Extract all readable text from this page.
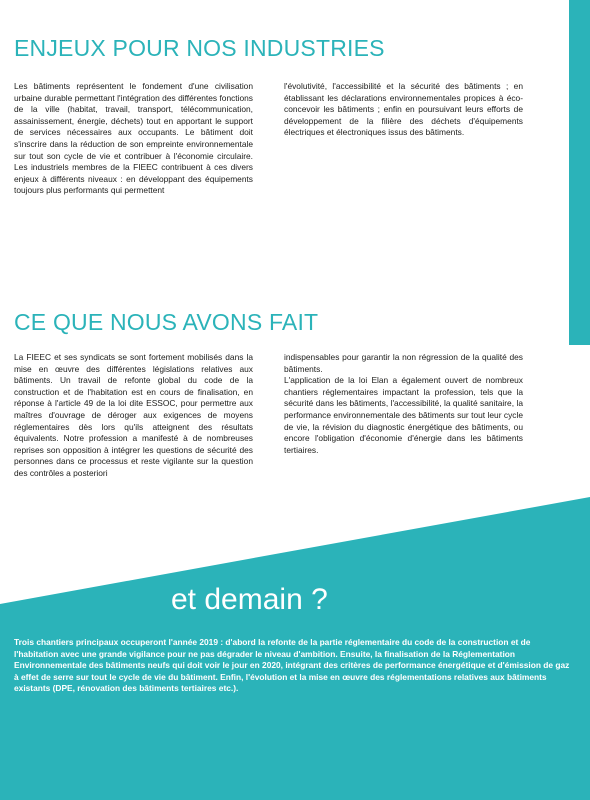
ENJEUX POUR NOS INDUSTRIES

Les bâtiments représentent le fondement d'une civilisation urbaine durable permettant l'intégration des différentes fonctions de la ville (habitat, travail, transport, télécommunication, assainissement, énergie, déchets) tout en apportant le support de services nécessaires aux occupants. Le bâtiment doit s'inscrire dans la réduction de son empreinte environnementale sur tout son cycle de vie et contribuer à l'économie circulaire. Les industriels membres de la FIEEC contribuent à ces divers enjeux à différents niveaux : en développant des équipements toujours plus performants qui permettent

l'évolutivité, l'accessibilité et la sécurité des bâtiments ; en établissant les déclarations environnementales propices à éco-concevoir les bâtiments ; enfin en poursuivant leurs efforts de développement de la filière des déchets d'équipements électriques et électroniques issus des bâtiments.

CE QUE NOUS AVONS FAIT

La FIEEC et ses syndicats se sont fortement mobilisés dans la mise en œuvre des différentes législations relatives aux bâtiments. Un travail de refonte global du code de la construction et de l'habitation est en cours de finalisation, en réponse à l'article 49 de la loi dite ESSOC, pour permettre aux maîtres d'ouvrage de déroger aux exigences de moyens réglementaires dès lors qu'ils atteignent des résultats équivalents. Notre profession a manifesté à de nombreuses reprises son opposition à intégrer les questions de sécurité des personnes dans ce processus et reste vigilante sur la question des contrôles a posteriori

indispensables pour garantir la non régression de la qualité des bâtiments.

L'application de la loi Elan a également ouvert de nombreux chantiers réglementaires impactant la profession, tels que la sécurité dans les bâtiments, l'accessibilité, la qualité sanitaire, la performance environnementale des bâtiments sur tout leur cycle de vie, la révision du diagnostic énergétique des bâtiments, ou encore l'obligation d'économie d'énergie dans les bâtiments tertiaires.

et demain ?

Trois chantiers principaux occuperont l'année 2019 : d'abord la refonte de la partie réglementaire du code de la construction et de l'habitation avec une grande vigilance pour ne pas dégrader le niveau d'ambition. Ensuite, la finalisation de la Réglementation Environnementale des bâtiments neufs qui doit voir le jour en 2020, intégrant des critères de performance énergétique et d'émission de gaz à effet de serre sur tout le cycle de vie du bâtiment. Enfin, l'évolution et la mise en œuvre des réglementations relatives aux bâtiments existants (DPE, rénovation des bâtiments tertiaires etc.).
